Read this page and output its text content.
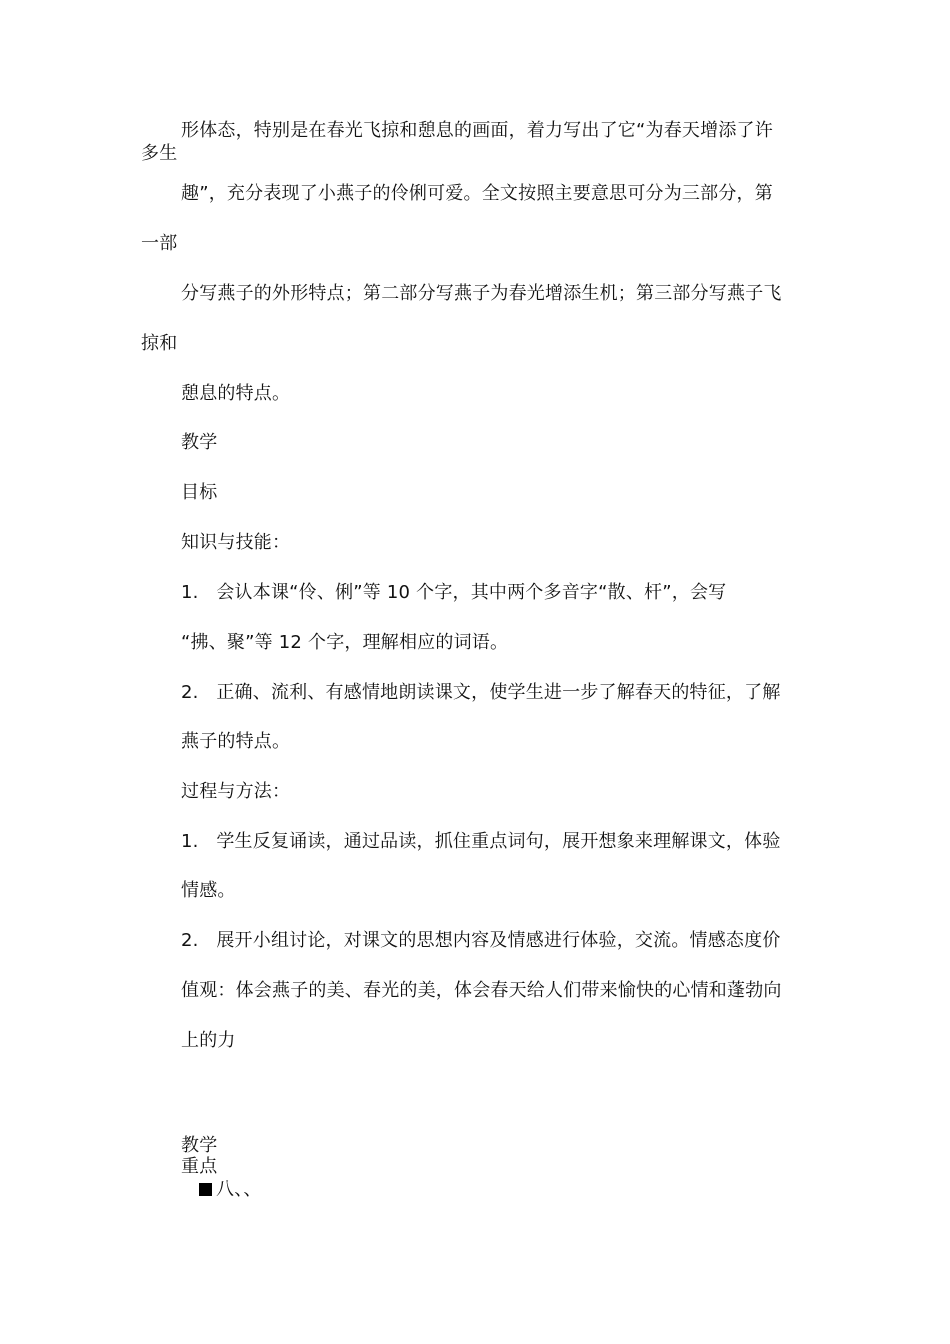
形体态，特别是在春光飞掠和憩息的画面，着力写出了它“为春天增添了许
多生
趣”，充分表现了小燕子的伶俐可爱。全文按照主要意思可分为三部分，第
一部
分写燕子的外形特点；第二部分写燕子为春光增添生机；第三部分写燕子飞
掠和
憩息的特点。
教学
目标
知识与技能：
1.   会认本课“伶、俐”等 10 个字，其中两个多音字“散、杆”，会写
“拂、聚”等 12 个字，理解相应的词语。
2.   正确、流利、有感情地朗读课文，使学生进一步了解春天的特征，了解
燕子的特点。
过程与方法：
1.   学生反复诵读，通过品读，抓住重点词句，展开想象来理解课文，体验
情感。
2.   展开小组讨论，对课文的思想内容及情感进行体验，交流。情感态度价
值观：体会燕子的美、春光的美，体会春天给人们带来愉快的心情和蓬勃向
上的力
教学
重点
八、、
